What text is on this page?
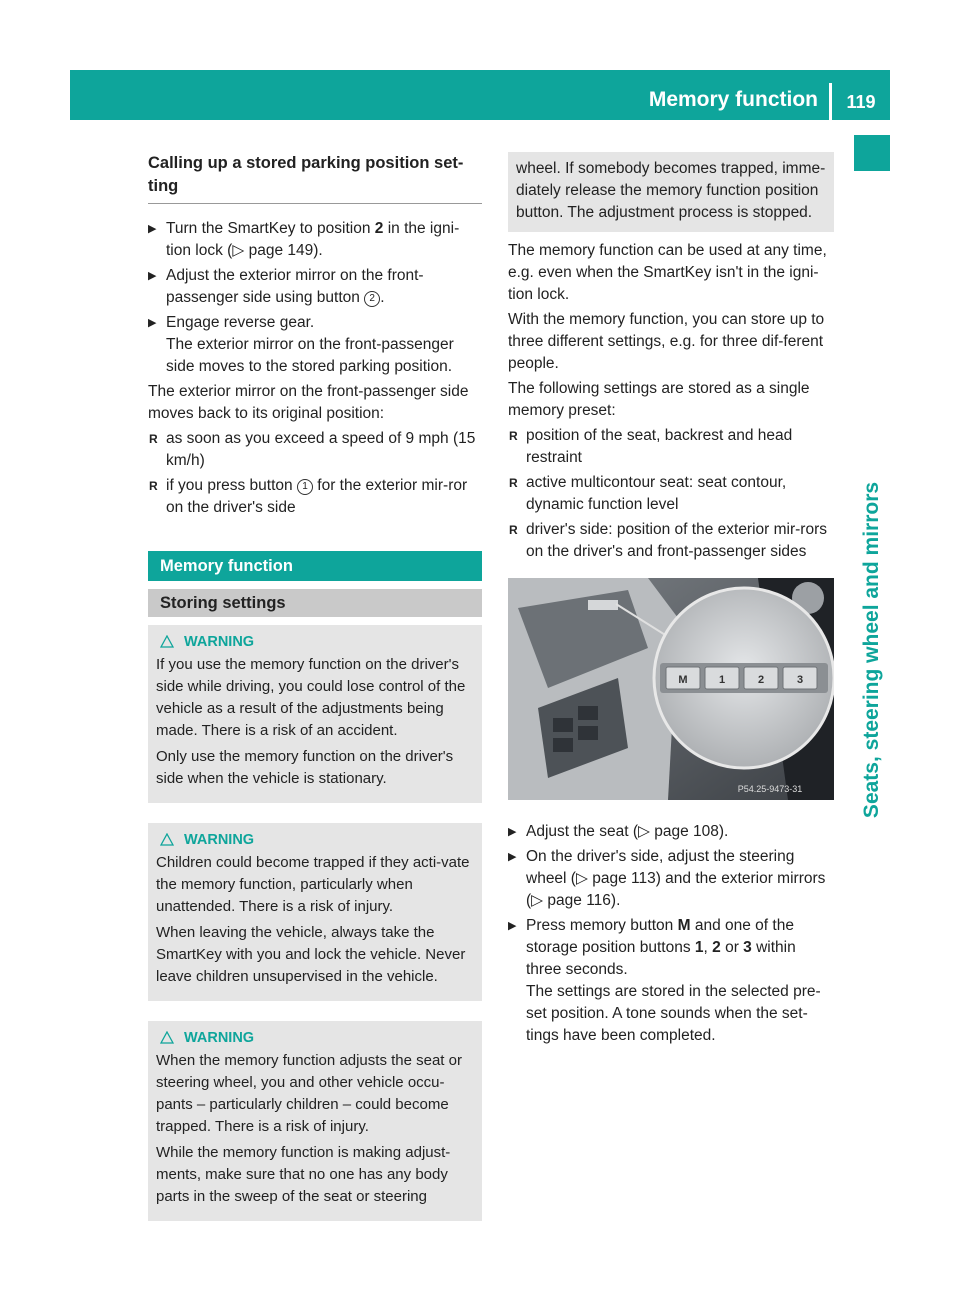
Memory function	119
Seats, steering wheel and mirrors
Calling up a stored parking position set-ting
▶ Turn the SmartKey to position 2 in the igni-tion lock (▷ page 149).
▶ Adjust the exterior mirror on the front-passenger side using button 2 .
▶ Engage reverse gear.
The exterior mirror on the front-passenger side moves to the stored parking position.

The exterior mirror on the front-passenger side moves back to its original position:

R as soon as you exceed a speed of 9 mph (15 km/h)
R if you press button 1 for the exterior mir-ror on the driver's side
Memory function
Storing settings
WARNING

If you use the memory function on the driver's side while driving, you could lose control of the vehicle as a result of the adjustments being made. There is a risk of an accident.

Only use the memory function on the driver's side when the vehicle is stationary.

WARNING

Children could become trapped if they acti-vate the memory function, particularly when unattended. There is a risk of injury.

When leaving the vehicle, always take the SmartKey with you and lock the vehicle. Never leave children unsupervised in the vehicle.

WARNING

When the memory function adjusts the seat or steering wheel, you and other vehicle occu-pants – particularly children – could become trapped. There is a risk of injury.

While the memory function is making adjust-ments, make sure that no one has any body parts in the sweep of the seat or steering

wheel. If somebody becomes trapped, imme-diately release the memory function position button. The adjustment process is stopped.

The memory function can be used at any time, e.g. even when the SmartKey isn't in the igni-tion lock.

With the memory function, you can store up to three different settings, e.g. for three dif-ferent people.

The following settings are stored as a single memory preset:

R position of the seat, backrest and head restraint
R active multicontour seat: seat contour, dynamic function level
R driver's side: position of the exterior mir-rors on the driver's and front-passenger sides
M	1	2	3
P54.25-9473-31
▶ Adjust the seat (▷ page 108).
▶ On the driver's side, adjust the steering wheel (▷ page 113) and the exterior mirrors (▷ page 116).
▶ Press memory button M and one of the storage position buttons 1, 2 or 3 within three seconds.
The settings are stored in the selected pre-set position. A tone sounds when the set-tings have been completed.
